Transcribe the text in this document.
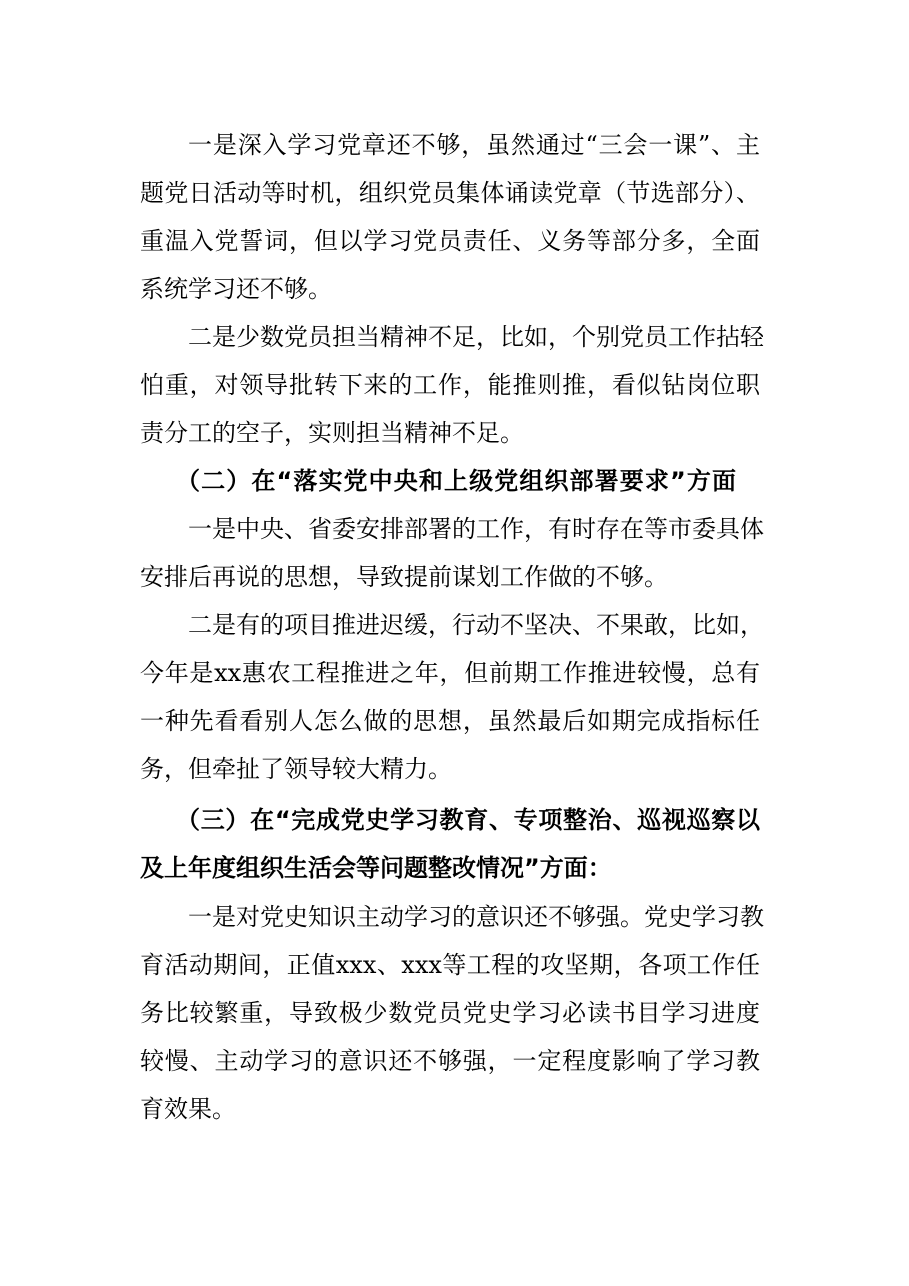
一是深入学习党章还不够，虽然通过“三会一课”、主
题党日活动等时机，组织党员集体诵读党章（节选部分）、
重温入党誓词，但以学习党员责任、义务等部分多，全面
系统学习还不够。
二是少数党员担当精神不足，比如，个别党员工作拈轻
怕重，对领导批转下来的工作，能推则推，看似钻岗位职
责分工的空子，实则担当精神不足。
（二）在“落实党中央和上级党组织部署要求”方面
一是中央、省委安排部署的工作，有时存在等市委具体
安排后再说的思想，导致提前谋划工作做的不够。
二是有的项目推进迟缓，行动不坚决、不果敢，比如，
今年是xx惠农工程推进之年，但前期工作推进较慢，总有
一种先看看别人怎么做的思想，虽然最后如期完成指标任
务，但牵扯了领导较大精力。
（三）在“完成党史学习教育、专项整治、巡视巡察以
及上年度组织生活会等问题整改情况”方面：
一是对党史知识主动学习的意识还不够强。党史学习教
育活动期间，正值xxx、xxx等工程的攻坚期，各项工作任
务比较繁重，导致极少数党员党史学习必读书目学习进度
较慢、主动学习的意识还不够强，一定程度影响了学习教
育效果。
